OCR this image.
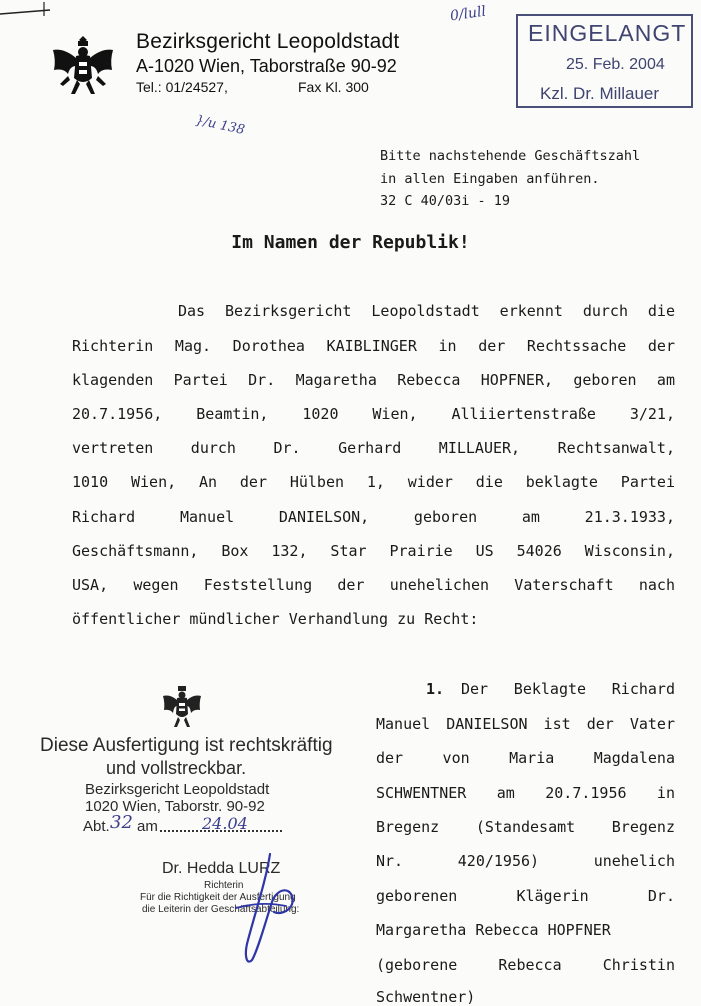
Bezirksgericht Leopoldstadt
A-1020 Wien, Taborstraße 90-92
Tel.: 01/24527,	Fax Kl. 300
0/lull
}/u 138
EINGELANGT
25. Feb. 2004
Kzl. Dr. Millauer
Bitte nachstehende Geschäftszahl
in allen Eingaben anführen.
32 C 40/03i - 19
Im Namen der Republik!
Das Bezirksgericht Leopoldstadt erkennt durch die
Richterin Mag. Dorothea KAIBLINGER in der Rechtssache der
klagenden Partei Dr. Magaretha Rebecca HOPFNER, geboren am
20.7.1956, Beamtin, 1020 Wien, Alliiertenstraße 3/21,
vertreten durch Dr. Gerhard MILLAUER, Rechtsanwalt,
1010 Wien, An der Hülben 1, wider die beklagte Partei
Richard Manuel DANIELSON, geboren am 21.3.1933,
Geschäftsmann, Box 132, Star Prairie US 54026 Wisconsin,
USA, wegen Feststellung der unehelichen Vaterschaft nach
öffentlicher mündlicher Verhandlung zu Recht:
1.	Der Beklagte Richard
Manuel DANIELSON ist der Vater
der von Maria Magdalena
SCHWENTNER am 20.7.1956 in
Bregenz (Standesamt Bregenz
Nr. 420/1956) unehelich
geborenen Klägerin Dr.
Margaretha Rebecca HOPFNER
(geborene Rebecca Christin
Schwentner)
Diese Ausfertigung ist rechtskräftig
und vollstreckbar.
Bezirksgericht Leopoldstadt
1020 Wien, Taborstr. 90-92
Abt. 32 am	24.04
Dr. Hedda LURZ
Richterin
Für die Richtigkeit der Ausfertigung
die Leiterin der Geschäftsabteilung:
